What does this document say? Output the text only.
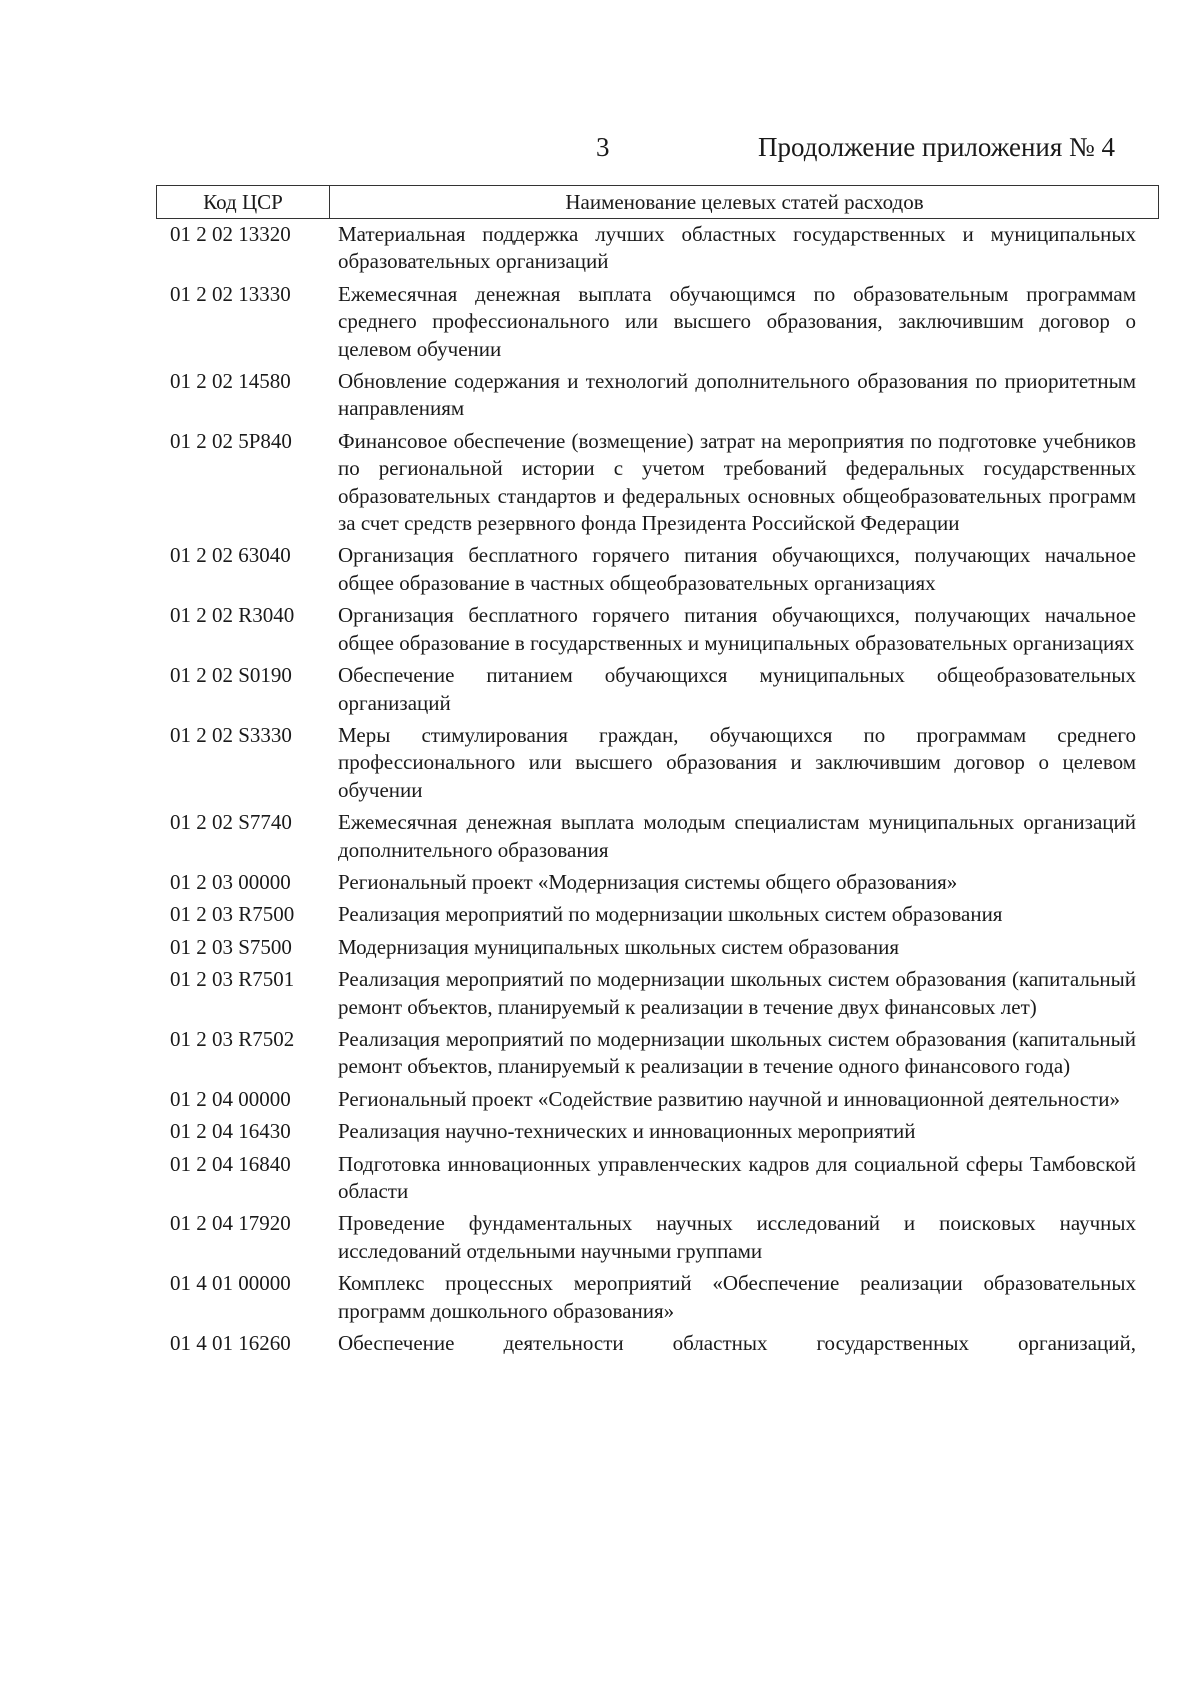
3	Продолжение приложения № 4
Код ЦСР	Наименование целевых статей расходов
01 2 02 13320	Материальная поддержка лучших областных государственных и муниципальных образовательных организаций
01 2 02 13330	Ежемесячная денежная выплата обучающимся по образовательным программам среднего профессионального или высшего образования, заключившим договор о целевом обучении
01 2 02 14580	Обновление содержания и технологий дополнительного образования по приоритетным направлениям
01 2 02 5Р840	Финансовое обеспечение (возмещение) затрат на мероприятия по подготовке учебников по региональной истории с учетом требований федеральных государственных образовательных стандартов и федеральных основных общеобразовательных программ за счет средств резервного фонда Президента Российской Федерации
01 2 02 63040	Организация бесплатного горячего питания обучающихся, получающих начальное общее образование в частных общеобразовательных организациях
01 2 02 R3040	Организация бесплатного горячего питания обучающихся, получающих начальное общее образование в государственных и муниципальных образовательных организациях
01 2 02 S0190	Обеспечение питанием обучающихся муниципальных общеобразовательных организаций
01 2 02 S3330	Меры стимулирования граждан, обучающихся по программам среднего профессионального или высшего образования и заключившим договор о целевом обучении
01 2 02 S7740	Ежемесячная денежная выплата молодым специалистам муниципальных организаций дополнительного образования
01 2 03 00000	Региональный проект «Модернизация системы общего образования»
01 2 03 R7500	Реализация мероприятий по модернизации школьных систем образования
01 2 03 S7500	Модернизация муниципальных школьных систем образования
01 2 03 R7501	Реализация мероприятий по модернизации школьных систем образования (капитальный ремонт объектов, планируемый к реализации в течение двух финансовых лет)
01 2 03 R7502	Реализация мероприятий по модернизации школьных систем образования (капитальный ремонт объектов, планируемый к реализации в течение одного финансового года)
01 2 04 00000	Региональный проект «Содействие развитию научной и инновационной деятельности»
01 2 04 16430	Реализация научно-технических и инновационных мероприятий
01 2 04 16840	Подготовка инновационных управленческих кадров для социальной сферы Тамбовской области
01 2 04 17920	Проведение фундаментальных научных исследований и поисковых научных исследований отдельными научными группами
01 4 01 00000	Комплекс процессных мероприятий «Обеспечение реализации образовательных программ дошкольного образования»
01 4 01 16260	Обеспечение деятельности областных государственных организаций,
